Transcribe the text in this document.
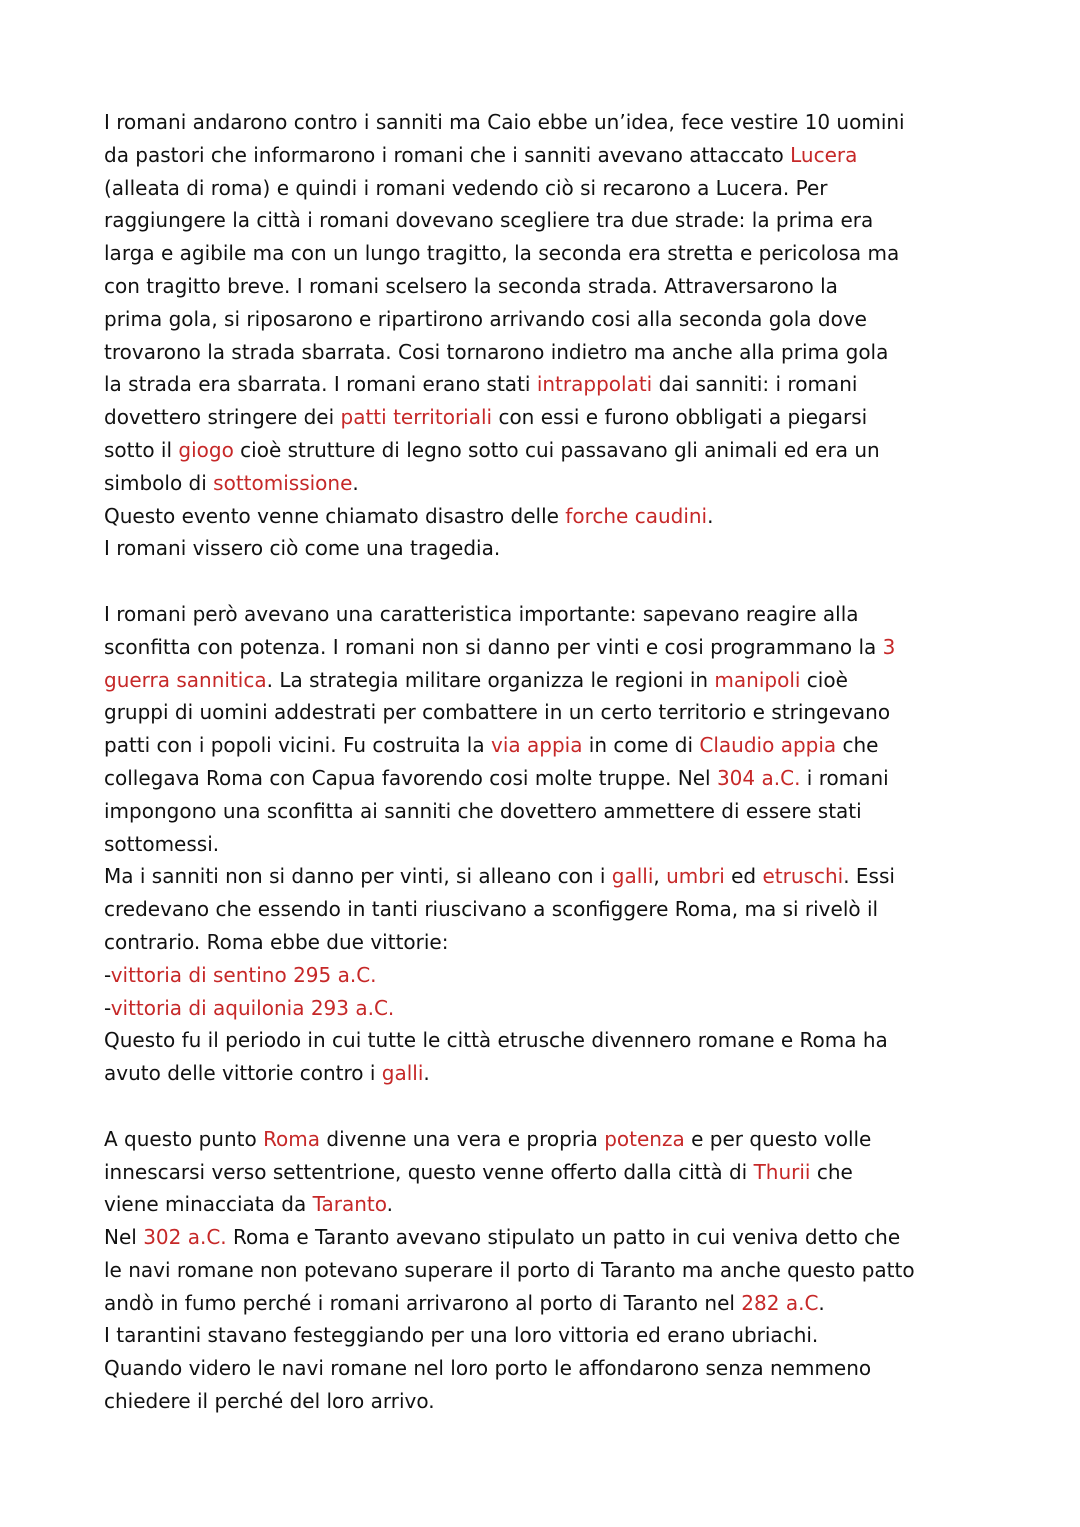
I romani andarono contro i sanniti ma Caio ebbe un’idea, fece vestire 10 uomini
da pastori che informarono i romani che i sanniti avevano attaccato Lucera
(alleata di roma) e quindi i romani vedendo ciò si recarono a Lucera. Per
raggiungere la città i romani dovevano scegliere tra due strade: la prima era
larga e agibile ma con un lungo tragitto, la seconda era stretta e pericolosa ma
con tragitto breve. I romani scelsero la seconda strada. Attraversarono la
prima gola, si riposarono e ripartirono arrivando cosi alla seconda gola dove
trovarono la strada sbarrata. Cosi tornarono indietro ma anche alla prima gola
la strada era sbarrata. I romani erano stati intrappolati dai sanniti: i romani
dovettero stringere dei patti territoriali con essi e furono obbligati a piegarsi
sotto il giogo cioè strutture di legno sotto cui passavano gli animali ed era un
simbolo di sottomissione.
Questo evento venne chiamato disastro delle forche caudini.
I romani vissero ciò come una tragedia.
I romani però avevano una caratteristica importante: sapevano reagire alla
sconfitta con potenza. I romani non si danno per vinti e cosi programmano la 3
guerra sannitica. La strategia militare organizza le regioni in manipoli cioè
gruppi di uomini addestrati per combattere in un certo territorio e stringevano
patti con i popoli vicini. Fu costruita la via appia in come di Claudio appia che
collegava Roma con Capua favorendo cosi molte truppe. Nel 304 a.C. i romani
impongono una sconfitta ai sanniti che dovettero ammettere di essere stati
sottomessi.
Ma i sanniti non si danno per vinti, si alleano con i galli, umbri ed etruschi. Essi
credevano che essendo in tanti riuscivano a sconfiggere Roma, ma si rivelò il
contrario. Roma ebbe due vittorie:
-vittoria di sentino 295 a.C.
-vittoria di aquilonia 293 a.C.
Questo fu il periodo in cui tutte le città etrusche divennero romane e Roma ha
avuto delle vittorie contro i galli.
A questo punto Roma divenne una vera e propria potenza e per questo volle
innescarsi verso settentrione, questo venne offerto dalla città di Thurii che
viene minacciata da Taranto.
Nel 302 a.C. Roma e Taranto avevano stipulato un patto in cui veniva detto che
le navi romane non potevano superare il porto di Taranto ma anche questo patto
andò in fumo perché i romani arrivarono al porto di Taranto nel 282 a.C.
I tarantini stavano festeggiando per una loro vittoria ed erano ubriachi.
Quando videro le navi romane nel loro porto le affondarono senza nemmeno
chiedere il perché del loro arrivo.
